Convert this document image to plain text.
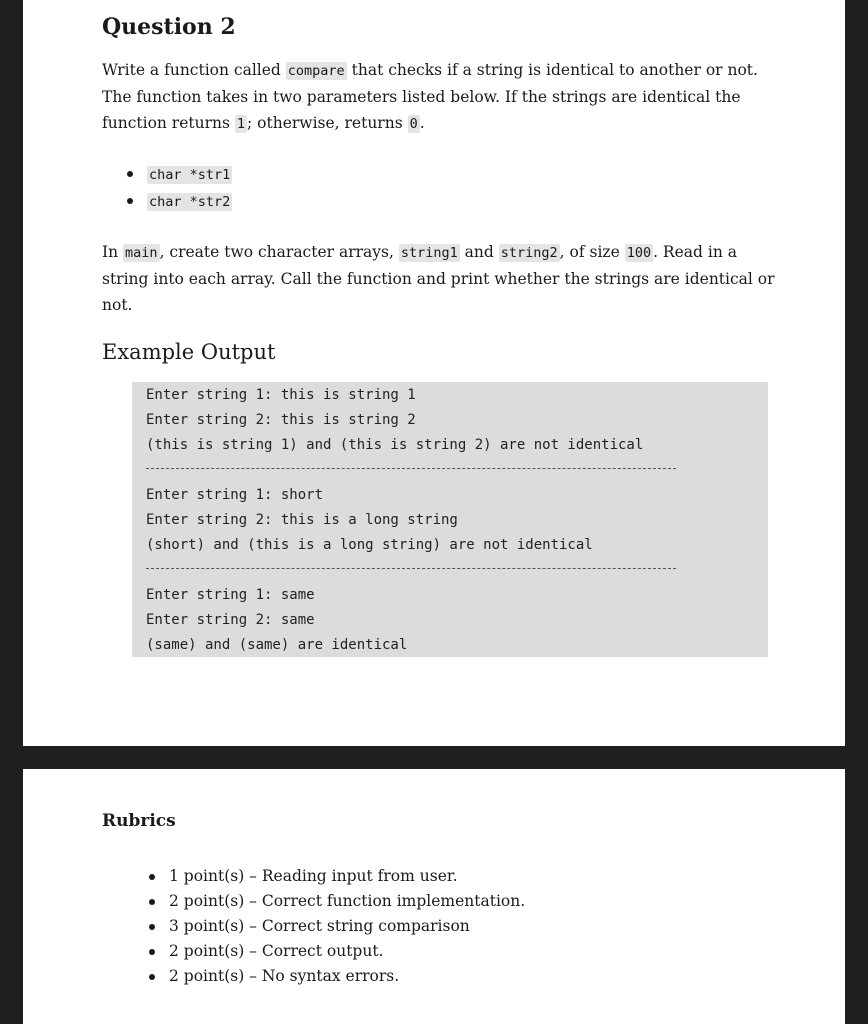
Question 2

Write a function called compare that checks if a string is identical to another or not. The function takes in two parameters listed below. If the strings are identical the function returns 1 ; otherwise, returns 0 .

char *str1
char *str2

In main , create two character arrays, string1 and string2 , of size 100 . Read in a string into each array. Call the function and print whether the strings are identical or not.

Example Output
Enter string 1: this is string 1
Enter string 2: this is string 2
(this is string 1) and (this is string 2) are not identical
Enter string 1: short
Enter string 2: this is a long string
(short) and (this is a long string) are not identical
Enter string 1: same
Enter string 2: same
(same) and (same) are identical
Rubrics
1 point(s) – Reading input from user.
2 point(s) – Correct function implementation.
3 point(s) – Correct string comparison
2 point(s) – Correct output.
2 point(s) – No syntax errors.
